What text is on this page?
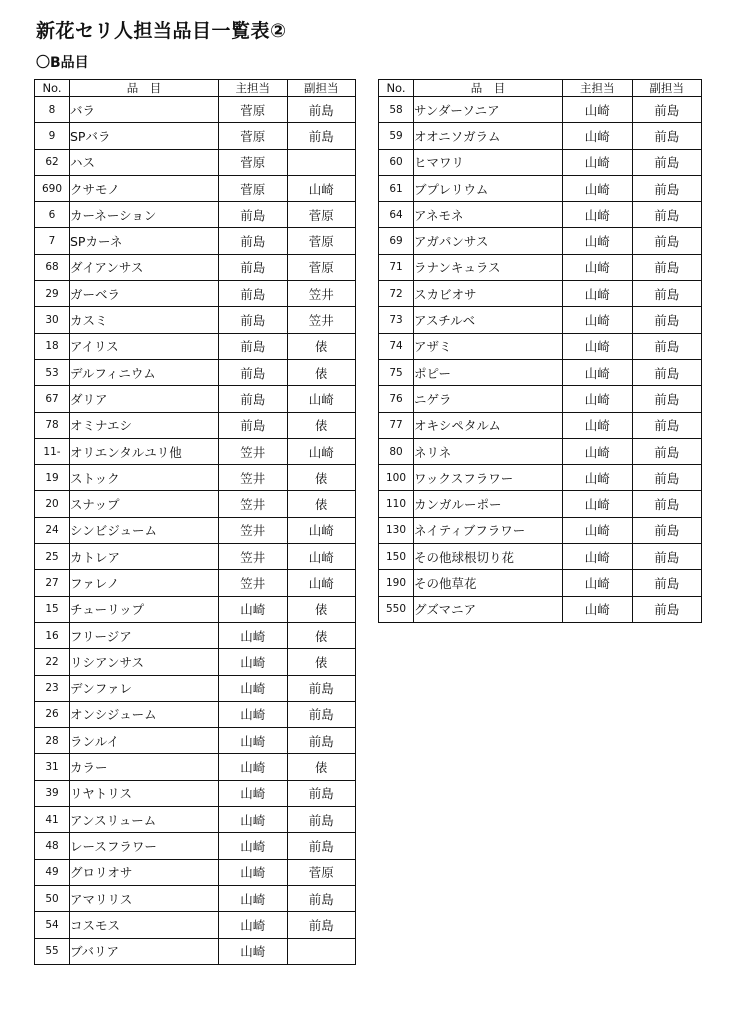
新花セリ人担当品目一覧表②
〇B品目
No.	品　目	主担当	副担当
8	バラ	菅原	前島
9	SPバラ	菅原	前島
62	ハス	菅原	
690	クサモノ	菅原	山崎
6	カーネーション	前島	菅原
7	SPカーネ	前島	菅原
68	ダイアンサス	前島	菅原
29	ガーベラ	前島	笠井
30	カスミ	前島	笠井
18	アイリス	前島	俵
53	デルフィニウム	前島	俵
67	ダリア	前島	山崎
78	オミナエシ	前島	俵
11-	オリエンタルユリ他	笠井	山崎
19	ストック	笠井	俵
20	スナップ	笠井	俵
24	シンビジューム	笠井	山崎
25	カトレア	笠井	山崎
27	ファレノ	笠井	山崎
15	チューリップ	山崎	俵
16	フリージア	山崎	俵
22	リシアンサス	山崎	俵
23	デンファレ	山崎	前島
26	オンシジューム	山崎	前島
28	ランルイ	山崎	前島
31	カラー	山崎	俵
39	リヤトリス	山崎	前島
41	アンスリューム	山崎	前島
48	レースフラワー	山崎	前島
49	グロリオサ	山崎	菅原
50	アマリリス	山崎	前島
54	コスモス	山崎	前島
55	ブバリア	山崎	
No.	品　目	主担当	副担当
58	サンダーソニア	山崎	前島
59	オオニソガラム	山崎	前島
60	ヒマワリ	山崎	前島
61	ブプレリウム	山崎	前島
64	アネモネ	山崎	前島
69	アガパンサス	山崎	前島
71	ラナンキュラス	山崎	前島
72	スカビオサ	山崎	前島
73	アスチルベ	山崎	前島
74	アザミ	山崎	前島
75	ポピー	山崎	前島
76	ニゲラ	山崎	前島
77	オキシペタルム	山崎	前島
80	ネリネ	山崎	前島
100	ワックスフラワー	山崎	前島
110	カンガルーポー	山崎	前島
130	ネイティブフラワー	山崎	前島
150	その他球根切り花	山崎	前島
190	その他草花	山崎	前島
550	グズマニア	山崎	前島
